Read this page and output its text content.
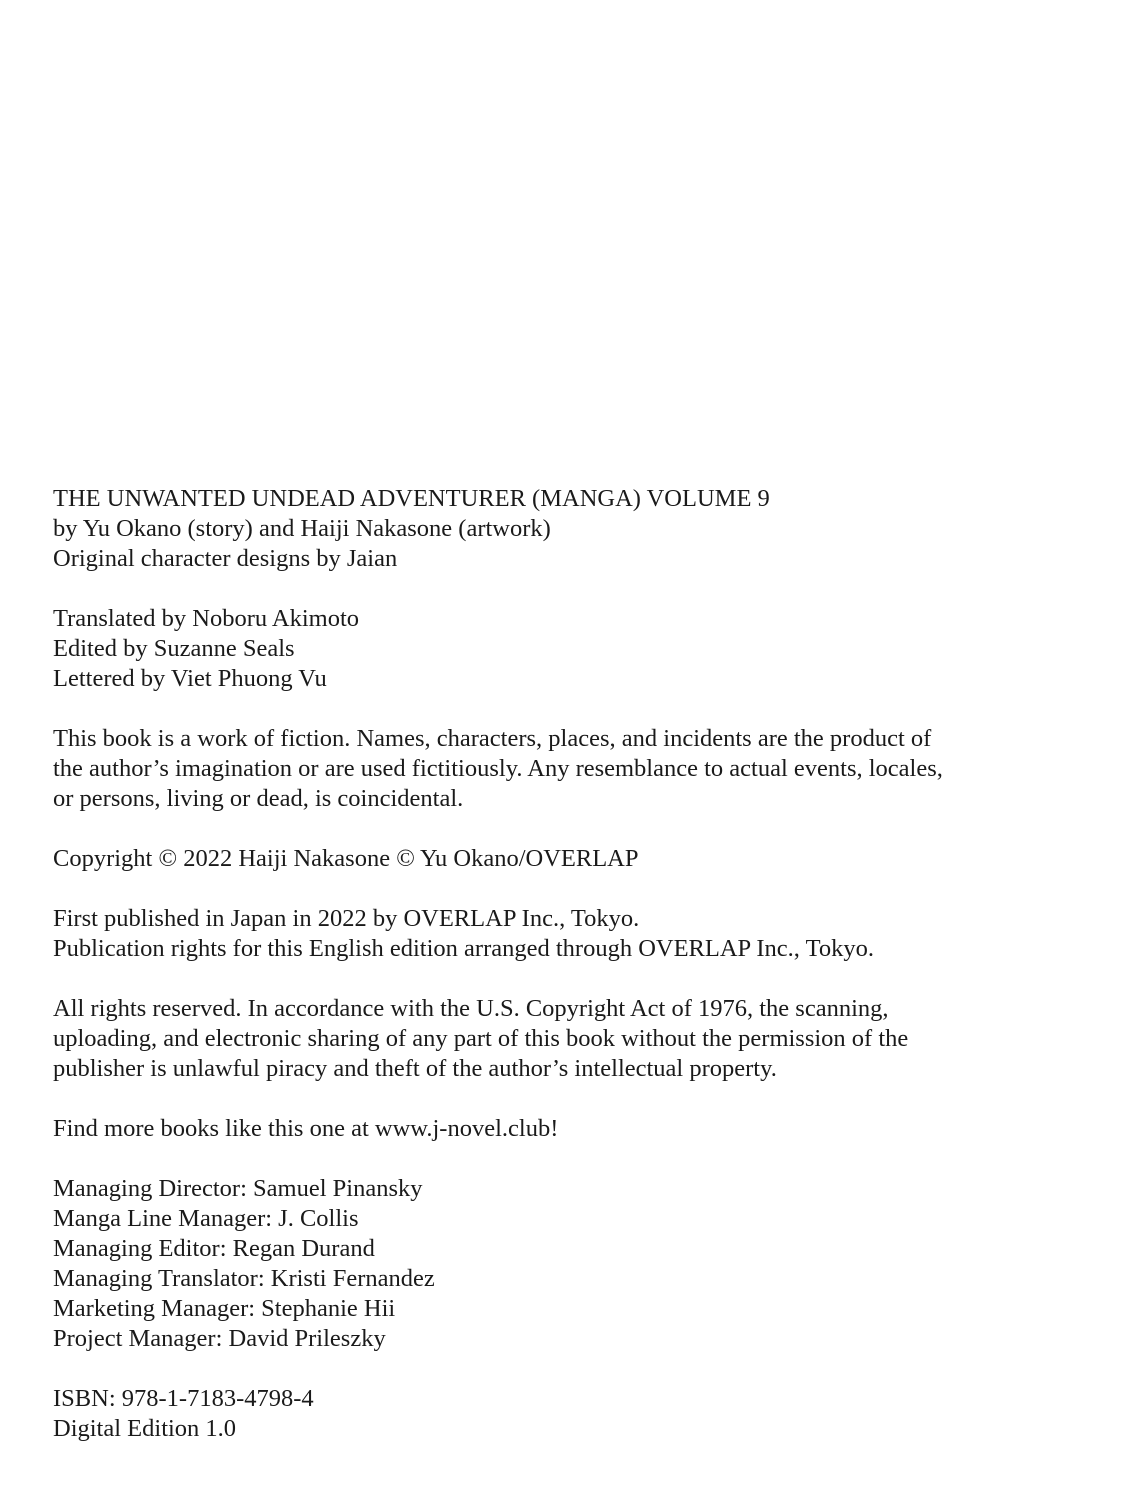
THE UNWANTED UNDEAD ADVENTURER (MANGA) VOLUME 9
by Yu Okano (story) and Haiji Nakasone (artwork)
Original character designs by Jaian
Translated by Noboru Akimoto
Edited by Suzanne Seals
Lettered by Viet Phuong Vu
This book is a work of fiction. Names, characters, places, and incidents are the product of
the author’s imagination or are used fictitiously. Any resemblance to actual events, locales,
or persons, living or dead, is coincidental.
Copyright © 2022 Haiji Nakasone © Yu Okano/OVERLAP
First published in Japan in 2022 by OVERLAP Inc., Tokyo.
Publication rights for this English edition arranged through OVERLAP Inc., Tokyo.
All rights reserved. In accordance with the U.S. Copyright Act of 1976, the scanning,
uploading, and electronic sharing of any part of this book without the permission of the
publisher is unlawful piracy and theft of the author’s intellectual property.
Find more books like this one at www.j-novel.club!
Managing Director: Samuel Pinansky
Manga Line Manager: J. Collis
Managing Editor: Regan Durand
Managing Translator: Kristi Fernandez
Marketing Manager: Stephanie Hii
Project Manager: David Prileszky
ISBN: 978-1-7183-4798-4
Digital Edition 1.0
